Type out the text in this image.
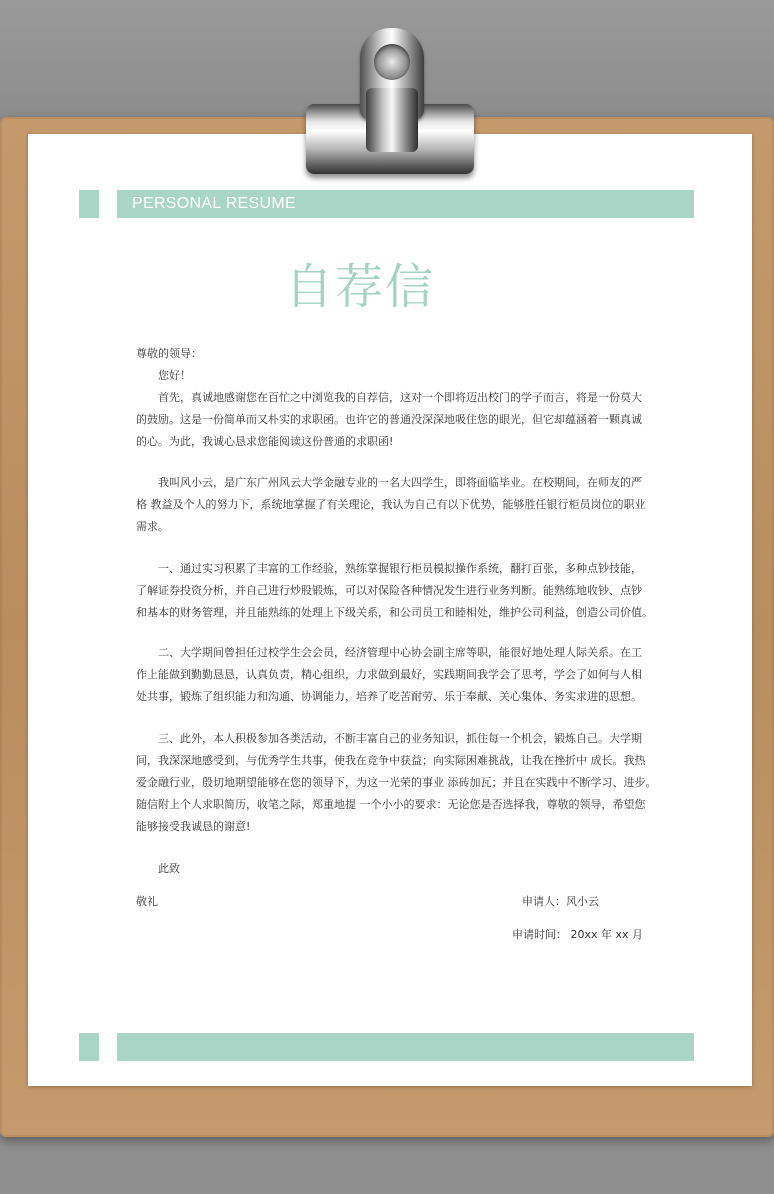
PERSONAL RESUME
自荐信
尊敬的领导：
您好！
首先，真诚地感谢您在百忙之中浏览我的自荐信，这对一个即将迈出校门的学子而言，将是一份莫大
的鼓励。这是一份简单而又朴实的求职函。也许它的普通没深深地吸住您的眼光，但它却蕴涵着一颗真诚
的心。为此，我诚心恳求您能阅读这份普通的求职函!
我叫风小云，是广东广州风云大学金融专业的一名大四学生，即将面临毕业。在校期间，在师友的严
格 教益及个人的努力下，系统地掌握了有关理论，我认为自己有以下优势，能够胜任银行柜员岗位的职业
需求。
一、通过实习积累了丰富的工作经验，熟练掌握银行柜员模拟操作系统，翻打百张，多种点钞技能，
了解证券投资分析，并自己进行炒股锻炼，可以对保险各种情况发生进行业务判断。能熟练地收钞、点钞
和基本的财务管理，并且能熟练的处理上下级关系，和公司员工和睦相处，维护公司利益，创造公司价值。
二、大学期间曾担任过校学生会会员，经济管理中心协会副主席等职，能很好地处理人际关系。在工
作上能做到勤勤恳恳，认真负责，精心组织，力求做到最好，实践期间我学会了思考，学会了如何与人相
处共事，锻炼了组织能力和沟通、协调能力，培养了吃苦耐劳、乐于奉献、关心集体、务实求进的思想。
三、此外，本人积极参加各类活动，不断丰富自己的业务知识，抓住每一个机会，锻炼自己。大学期
间，我深深地感受到，与优秀学生共事，使我在竞争中获益；向实际困难挑战，让我在挫折中 成长。我热
爱金融行业，殷切地期望能够在您的领导下，为这一光荣的事业 添砖加瓦；并且在实践中不断学习、进步。
随信附上个人求职简历，收笔之际，郑重地提 一个小小的要求：无论您是否选择我，尊敬的领导，希望您
能够接受我诚恳的谢意!
此致
敬礼	申请人：风小云
申请时间： 20xx 年 xx 月
